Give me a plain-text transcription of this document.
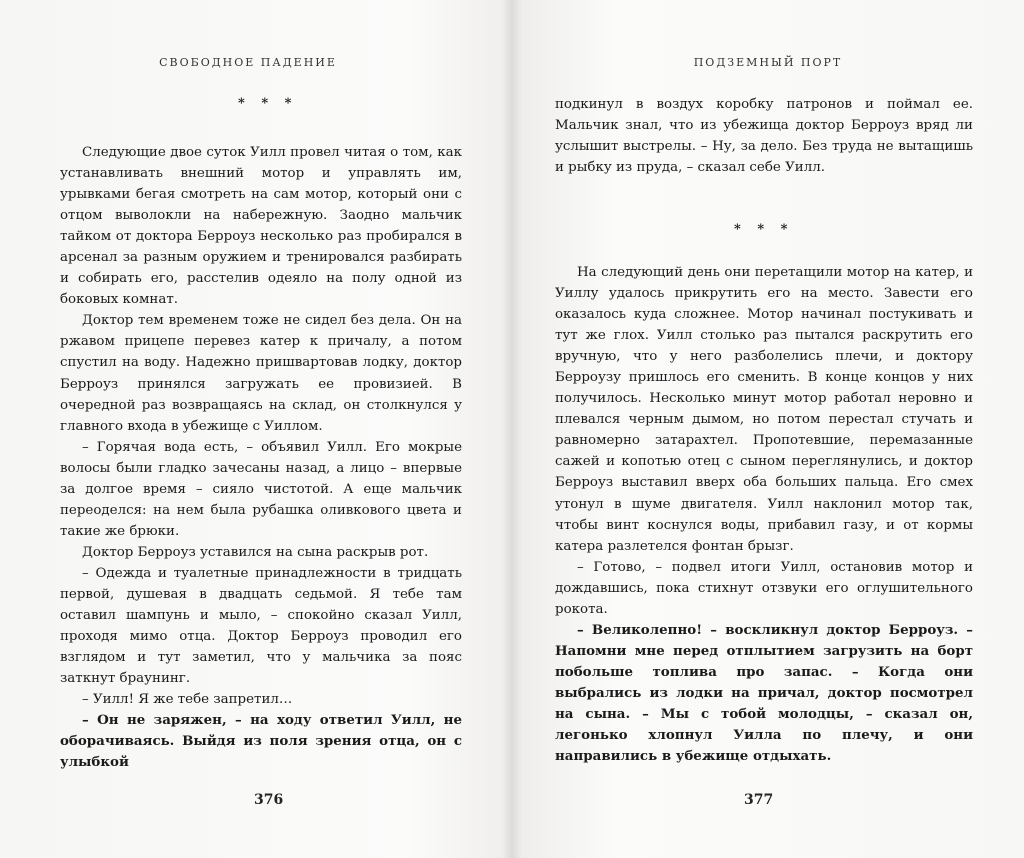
СВОБОДНОЕ ПАДЕНИЕ
* * *

Следующие двое суток Уилл провел читая о том, как устанавливать внешний мотор и управлять им, урывками бегая смотреть на сам мотор, который они с отцом выволокли на набережную. Заодно мальчик тайком от доктора Берроуз несколько раз пробирался в арсенал за разным оружием и тренировался разбирать и собирать его, расстелив одеяло на полу одной из боковых комнат.

Доктор тем временем тоже не сидел без дела. Он на ржавом прицепе перевез катер к причалу, а потом спустил на воду. Надежно пришвартовав лодку, доктор Берроуз принялся загружать ее провизией. В очередной раз возвращаясь на склад, он столкнулся у главного входа в убежище с Уиллом.

– Горячая вода есть, – объявил Уилл. Его мокрые волосы были гладко зачесаны назад, а лицо – впервые за долгое время – сияло чистотой. А еще мальчик переоделся: на нем была рубашка оливкового цвета и такие же брюки.

Доктор Берроуз уставился на сына раскрыв рот.

– Одежда и туалетные принадлежности в тридцать первой, душевая в двадцать седьмой. Я тебе там оставил шампунь и мыло, – спокойно сказал Уилл, проходя мимо отца. Доктор Берроуз проводил его взглядом и тут заметил, что у мальчика за пояс заткнут браунинг.

– Уилл! Я же тебе запретил…

– Он не заряжен, – на ходу ответил Уилл, не оборачиваясь. Выйдя из поля зрения отца, он с улыбкой

376
ПОДЗЕМНЫЙ ПОРТ

подкинул в воздух коробку патронов и поймал ее. Мальчик знал, что из убежища доктор Берроуз вряд ли услышит выстрелы. – Ну, за дело. Без труда не вытащишь и рыбку из пруда, – сказал себе Уилл.

* * *

На следующий день они перетащили мотор на катер, и Уиллу удалось прикрутить его на место. Завести его оказалось куда сложнее. Мотор начинал постукивать и тут же глох. Уилл столько раз пытался раскрутить его вручную, что у него разболелись плечи, и доктору Берроузу пришлось его сменить. В конце концов у них получилось. Несколько минут мотор работал неровно и плевался черным дымом, но потом перестал стучать и равномерно затарахтел. Пропотевшие, перемазанные сажей и копотью отец с сыном переглянулись, и доктор Берроуз выставил вверх оба больших пальца. Его смех утонул в шуме двигателя. Уилл наклонил мотор так, чтобы винт коснулся воды, прибавил газу, и от кормы катера разлетелся фонтан брызг.

– Готово, – подвел итоги Уилл, остановив мотор и дождавшись, пока стихнут отзвуки его оглушительного рокота.

– Великолепно! – воскликнул доктор Берроуз. – Напомни мне перед отплытием загрузить на борт побольше топлива про запас. – Когда они выбрались из лодки на причал, доктор посмотрел на сына. – Мы с тобой молодцы, – сказал он, легонько хлопнул Уилла по плечу, и они направились в убежище отдыхать.

377
